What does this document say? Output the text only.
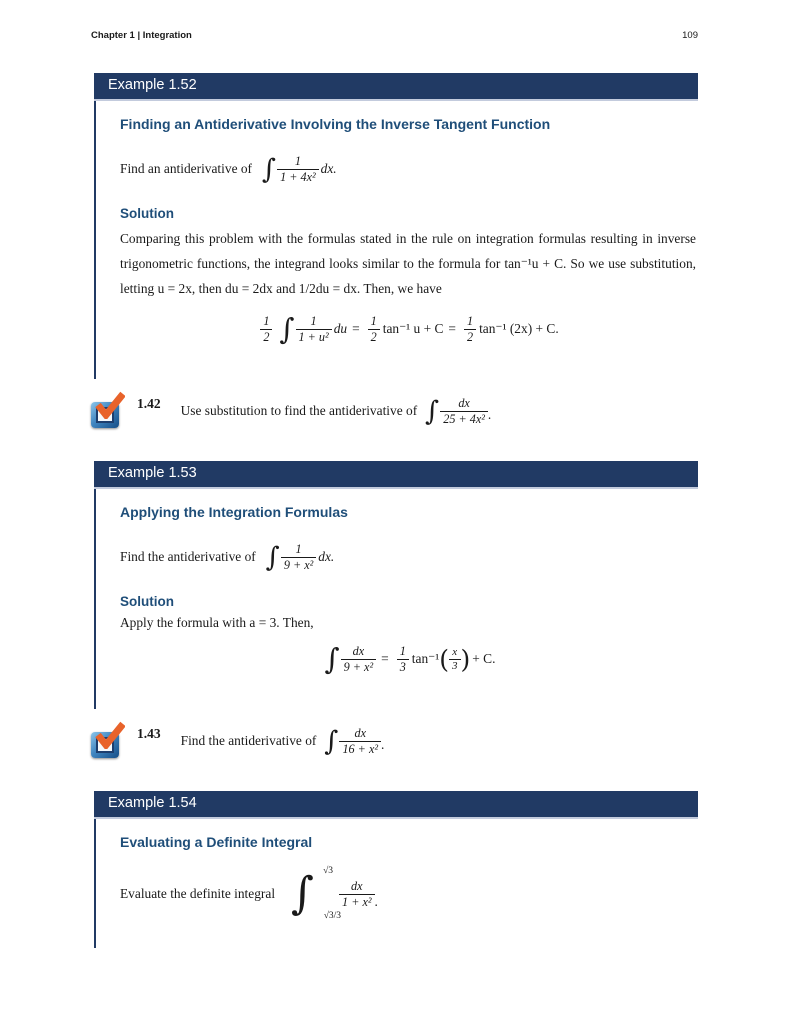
Chapter 1 | Integration	109
Example 1.52
Finding an Antiderivative Involving the Inverse Tangent Function
Find an antiderivative of ∫ $\frac{1}{\text{1 + 4x²}}$ dx.
Solution
Comparing this problem with the formulas stated in the rule on integration formulas resulting in inverse trigonometric functions, the integrand looks similar to the formula for tan⁻¹u + C. So we use substitution, letting u = 2x, then du = 2dx and 1/2du = dx. Then, we have
$\frac{1}{2}$ ∫ $\frac{1}{\text{1 + u²}}$ du = $\frac{1}{2} \tan^{-1}$ $u + C = \frac{1}{2} \tan^{-1}$ (2x) + C.
1.42 Use substitution to find the antiderivative of ∫ $\frac{dx}{\text{25 + 4x²}}$ .
Example 1.53
Applying the Integration Formulas
Find the antiderivative of ∫ $\frac{1}{\text{9 + x²}}$ dx.
Solution
Apply the formula with a = 3. Then,
∫ $\frac{dx}{\text{9 + x²}} = \frac{1}{3} \tan^{-1}$ ( $\frac{x}{3}$ ) + C.
1.43 Find the antiderivative of ∫ $\frac{dx}{\text{16 + x²}}$ .
Example 1.54
Evaluating a Definite Integral
Evaluate the definite integral ∫ √3
√3/3
$\frac{dx}{\text{1 + x²}}$ .
